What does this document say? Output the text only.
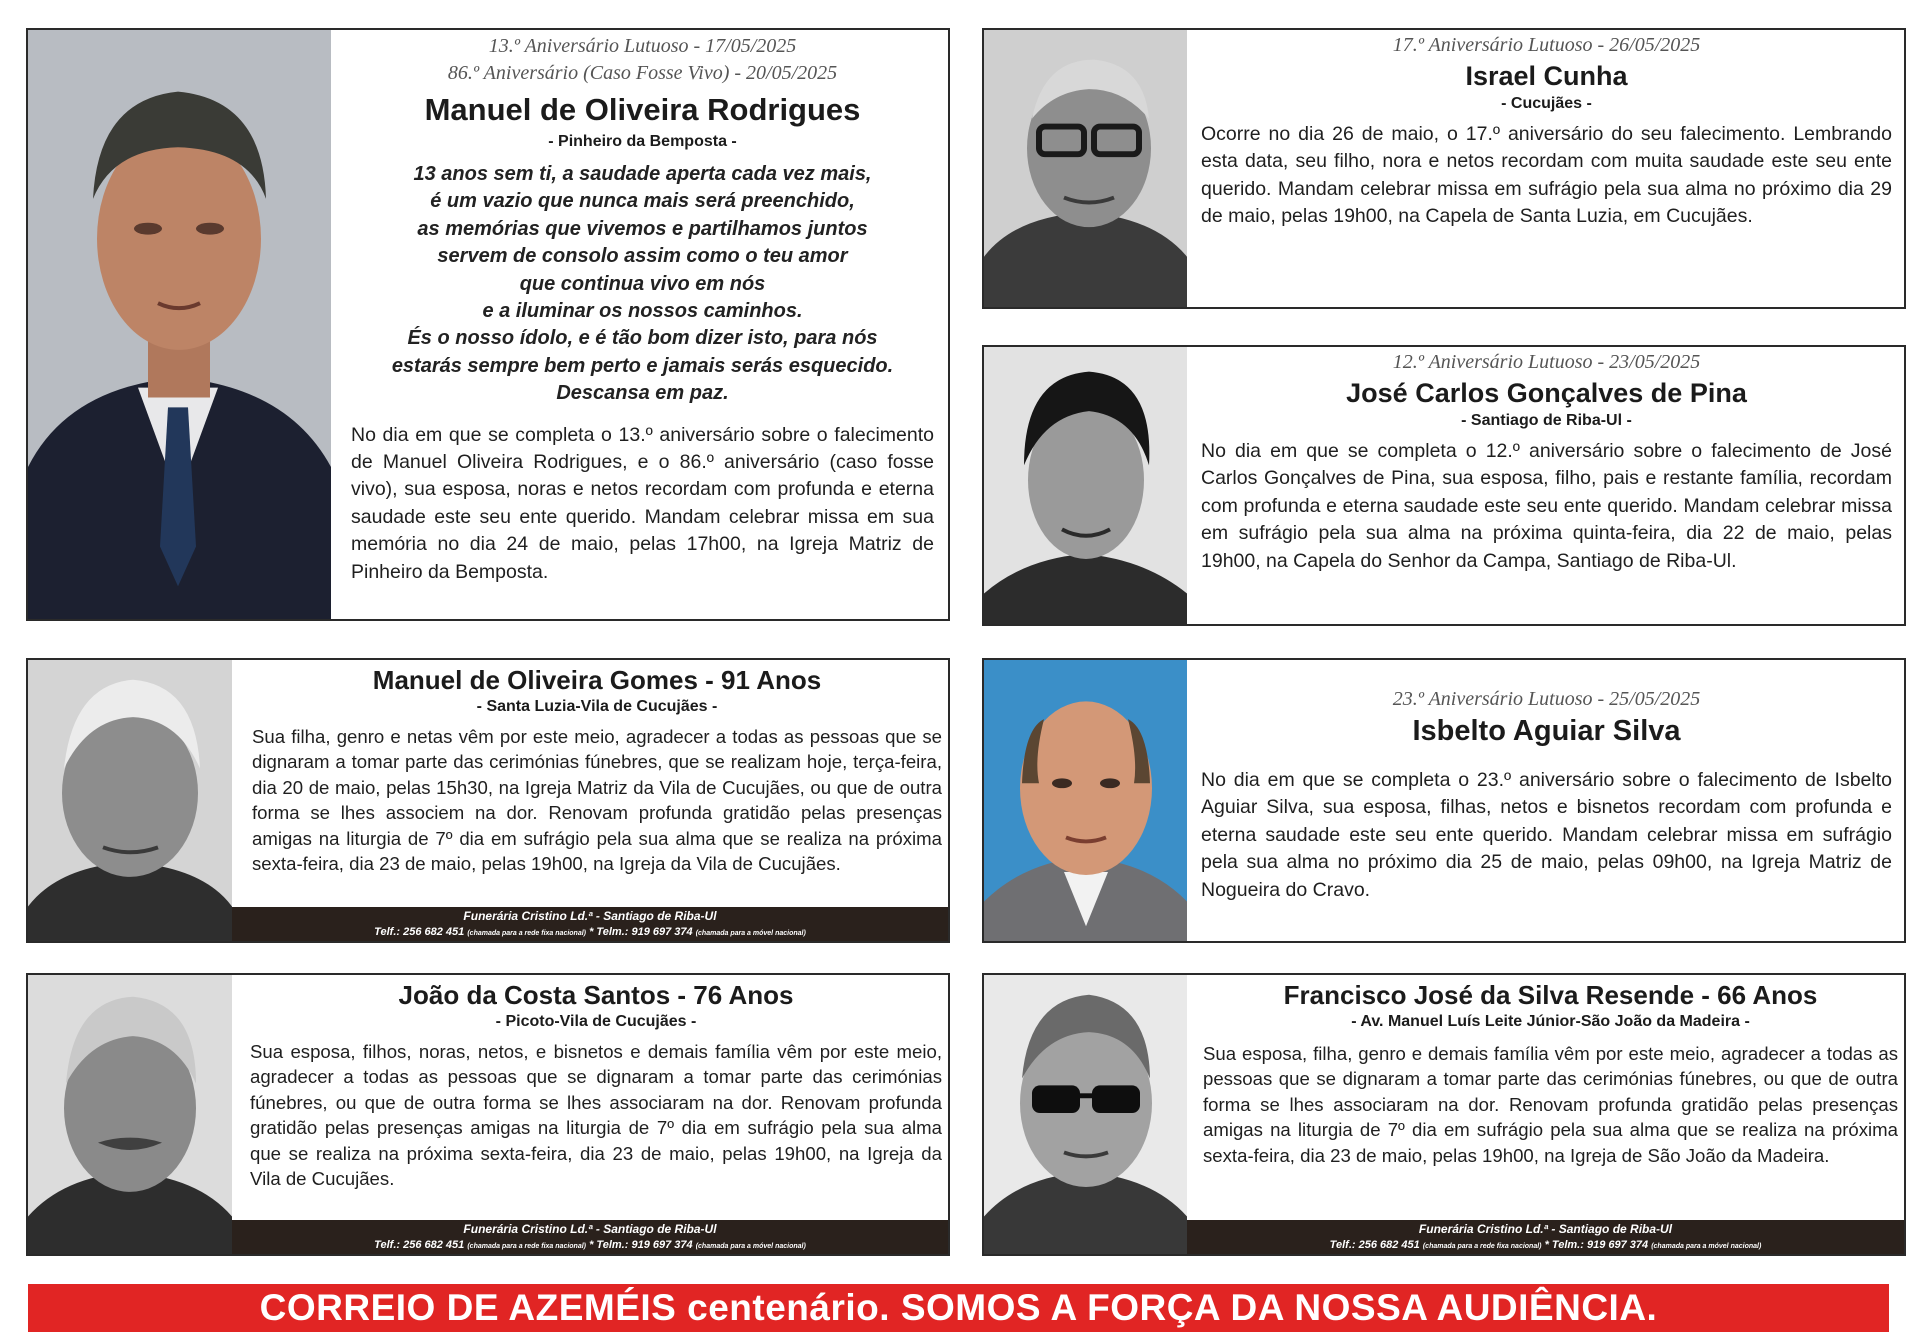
13.º Aniversário Lutuoso - 17/05/2025
86.º Aniversário (Caso Fosse Vivo) - 20/05/2025
Manuel de Oliveira Rodrigues
- Pinheiro da Bemposta -
13 anos sem ti, a saudade aperta cada vez mais,
é um vazio que nunca mais será preenchido,
as memórias que vivemos e partilhamos juntos
servem de consolo assim como o teu amor
que continua vivo em nós
e a iluminar os nossos caminhos.
És o nosso ídolo, e é tão bom dizer isto, para nós
estarás sempre bem perto e jamais serás esquecido.
Descansa em paz.
No dia em que se completa o 13.º aniversário sobre o falecimento de Manuel Oliveira Rodrigues, e o 86.º aniversário (caso fosse vivo), sua esposa, noras e netos recordam com profunda e eterna saudade este seu ente querido. Mandam celebrar missa em sua memória no dia 24 de maio, pelas 17h00, na Igreja Matriz de Pinheiro da Bemposta.
17.º Aniversário Lutuoso - 26/05/2025
Israel Cunha
- Cucujães -
Ocorre no dia 26 de maio, o 17.º aniversário do seu falecimento. Lembrando esta data, seu filho, nora e netos recordam com muita saudade este seu ente querido. Mandam celebrar missa em sufrágio pela sua alma no próximo dia 29 de maio, pelas 19h00, na Capela de Santa Luzia, em Cucujães.
12.º Aniversário Lutuoso - 23/05/2025
José Carlos Gonçalves de Pina
- Santiago de Riba-Ul -
No dia em que se completa o 12.º aniversário sobre o falecimento de José Carlos Gonçalves de Pina, sua esposa, filho, pais e restante família, recordam com profunda e eterna saudade este seu ente querido. Mandam celebrar missa em sufrágio pela sua alma na próxima quinta-feira, dia 22 de maio, pelas 19h00, na Capela do Senhor da Campa, Santiago de Riba-Ul.
Manuel de Oliveira Gomes - 91 Anos
- Santa Luzia-Vila de Cucujães -
Sua filha, genro e netas vêm por este meio, agradecer a todas as pessoas que se dignaram a tomar parte das cerimónias fúnebres, que se realizam hoje, terça-feira, dia 20 de maio, pelas 15h30, na Igreja Matriz da Vila de Cucujães, ou que de outra forma se lhes associem na dor. Renovam profunda gratidão pelas presenças amigas na liturgia de 7º dia em sufrágio pela sua alma que se realiza na próxima sexta-feira, dia 23 de maio, pelas 19h00, na Igreja da Vila de Cucujães.
Funerária Cristino Ld.ª - Santiago de Riba-Ul
Telf.: 256 682 451 (chamada para a rede fixa nacional) * Telm.: 919 697 374 (chamada para a móvel nacional)
23.º Aniversário Lutuoso - 25/05/2025
Isbelto Aguiar Silva
No dia em que se completa o 23.º aniversário sobre o falecimento de Isbelto Aguiar Silva, sua esposa, filhas, netos e bisnetos recordam com profunda e eterna saudade este seu ente querido. Mandam celebrar missa em sufrágio pela sua alma no próximo dia 25 de maio, pelas 09h00, na Igreja Matriz de Nogueira do Cravo.
João da Costa Santos - 76 Anos
- Picoto-Vila de Cucujães -
Sua esposa, filhos, noras, netos, e bisnetos e demais família vêm por este meio, agradecer a todas as pessoas que se dignaram a tomar parte das cerimónias fúnebres, ou que de outra forma se lhes associaram na dor. Renovam profunda gratidão pelas presenças amigas na liturgia de 7º dia em sufrágio pela sua alma que se realiza na próxima sexta-feira, dia 23 de maio, pelas 19h00, na Igreja da Vila de Cucujães.
Funerária Cristino Ld.ª - Santiago de Riba-Ul
Telf.: 256 682 451 (chamada para a rede fixa nacional) * Telm.: 919 697 374 (chamada para a móvel nacional)
Francisco José da Silva Resende - 66 Anos
- Av. Manuel Luís Leite Júnior-São João da Madeira -
Sua esposa, filha, genro e demais família vêm por este meio, agradecer a todas as pessoas que se dignaram a tomar parte das cerimónias fúnebres, ou que de outra forma se lhes associaram na dor. Renovam profunda gratidão pelas presenças amigas na liturgia de 7º dia em sufrágio pela sua alma que se realiza na próxima sexta-feira, dia 23 de maio, pelas 19h00, na Igreja de São João da Madeira.
Funerária Cristino Ld.ª - Santiago de Riba-Ul
Telf.: 256 682 451 (chamada para a rede fixa nacional) * Telm.: 919 697 374 (chamada para a móvel nacional)
CORREIO DE AZEMÉIS centenário. SOMOS A FORÇA DA NOSSA AUDIÊNCIA.
